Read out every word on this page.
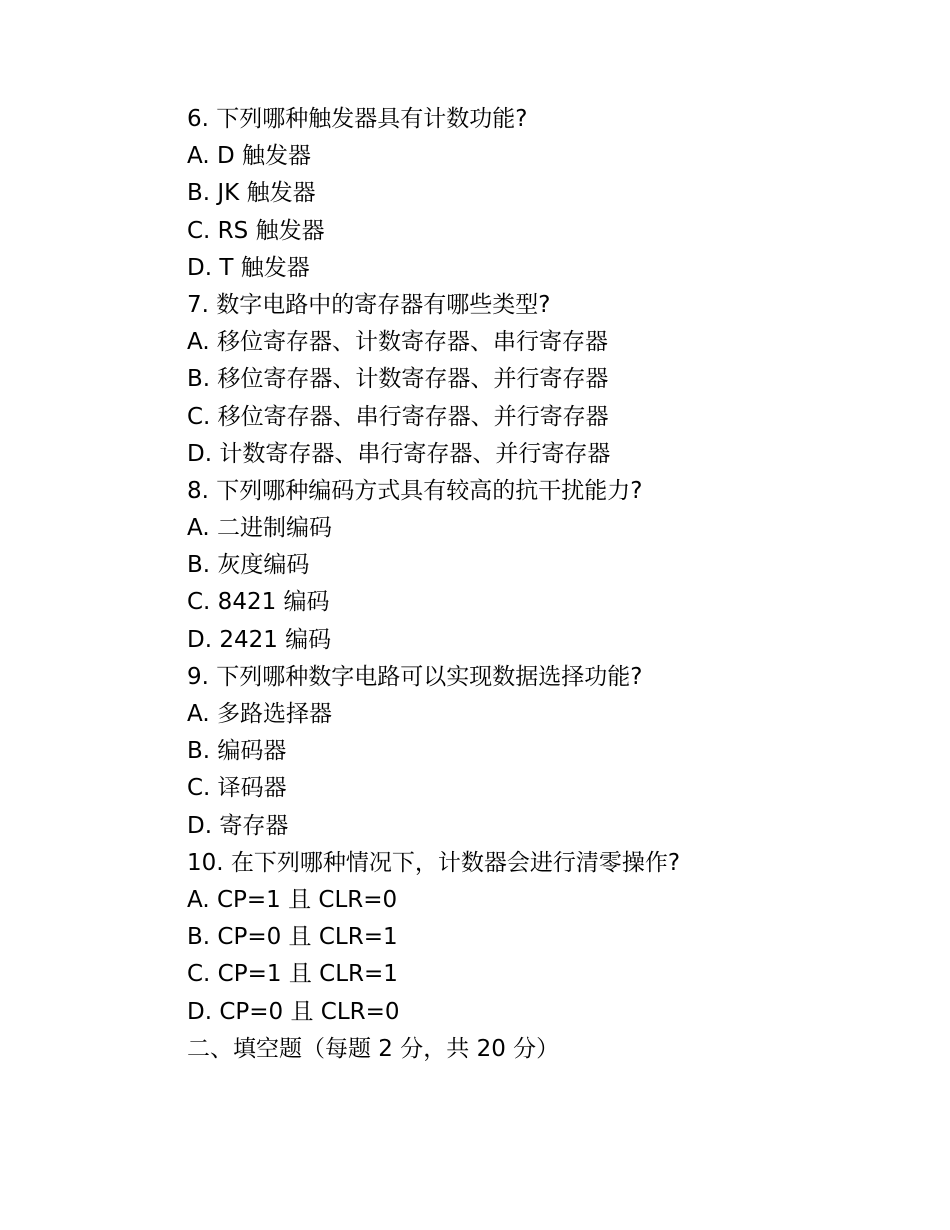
6. 下列哪种触发器具有计数功能?
A. D 触发器
B. JK 触发器
C. RS 触发器
D. T 触发器
7. 数字电路中的寄存器有哪些类型?
A. 移位寄存器、计数寄存器、串行寄存器
B. 移位寄存器、计数寄存器、并行寄存器
C. 移位寄存器、串行寄存器、并行寄存器
D. 计数寄存器、串行寄存器、并行寄存器
8. 下列哪种编码方式具有较高的抗干扰能力?
A. 二进制编码
B. 灰度编码
C. 8421 编码
D. 2421 编码
9. 下列哪种数字电路可以实现数据选择功能?
A. 多路选择器
B. 编码器
C. 译码器
D. 寄存器
10. 在下列哪种情况下，计数器会进行清零操作?
A. CP=1 且 CLR=0
B. CP=0 且 CLR=1
C. CP=1 且 CLR=1
D. CP=0 且 CLR=0
二、填空题（每题 2 分，共 20 分）
